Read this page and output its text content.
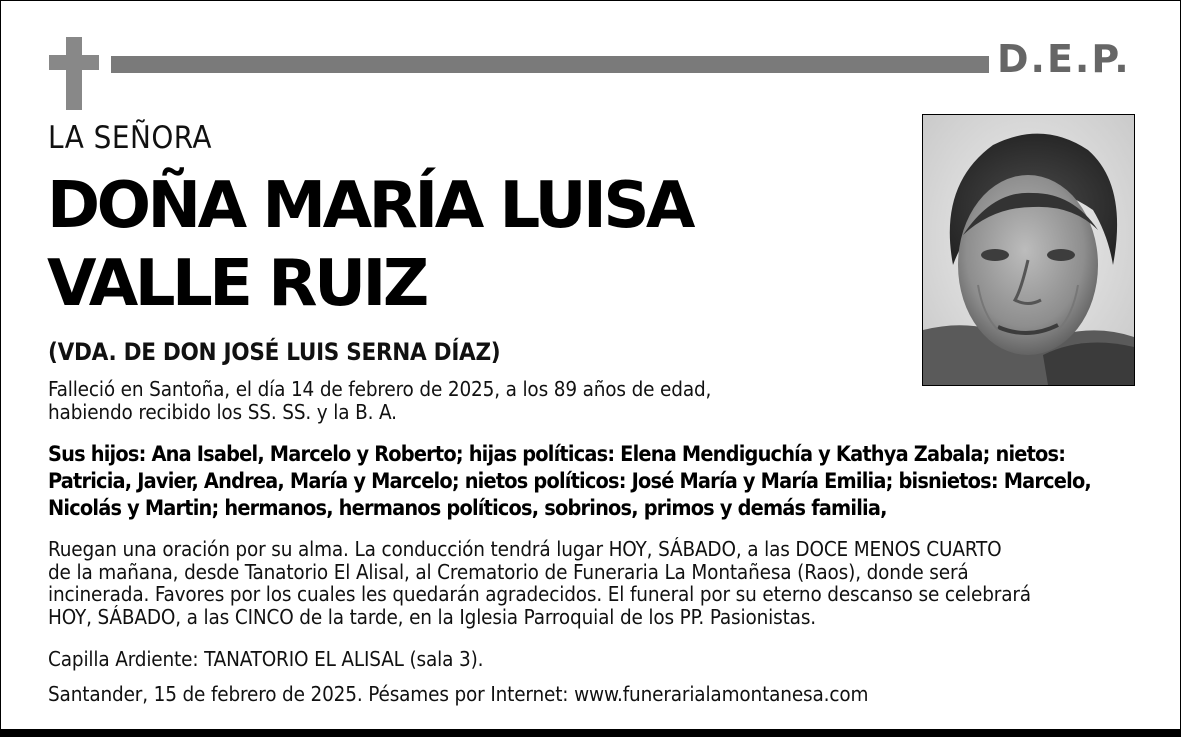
D.E.P.
LA SEÑORA
DOÑA MARÍA LUISA
VALLE RUIZ
(VDA. DE DON JOSÉ LUIS SERNA DÍAZ)
Falleció en Santoña, el día 14 de febrero de 2025, a los 89 años de edad,
habiendo recibido los SS. SS. y la B. A.
Sus hijos: Ana Isabel, Marcelo y Roberto; hijas políticas: Elena Mendiguchía y Kathya Zabala; nietos:
Patricia, Javier, Andrea, María y Marcelo; nietos políticos: José María y María Emilia; bisnietos: Marcelo,
Nicolás y Martin; hermanos, hermanos políticos, sobrinos, primos y demás familia,
Ruegan una oración por su alma. La conducción tendrá lugar HOY, SÁBADO, a las DOCE MENOS CUARTO
de la mañana, desde Tanatorio El Alisal, al Crematorio de Funeraria La Montañesa (Raos), donde será
incinerada. Favores por los cuales les quedarán agradecidos. El funeral por su eterno descanso se celebrará
HOY, SÁBADO, a las CINCO de la tarde, en la Iglesia Parroquial de los PP. Pasionistas.
Capilla Ardiente: TANATORIO EL ALISAL (sala 3).
Santander, 15 de febrero de 2025. Pésames por Internet: www.funerarialamontanesa.com
